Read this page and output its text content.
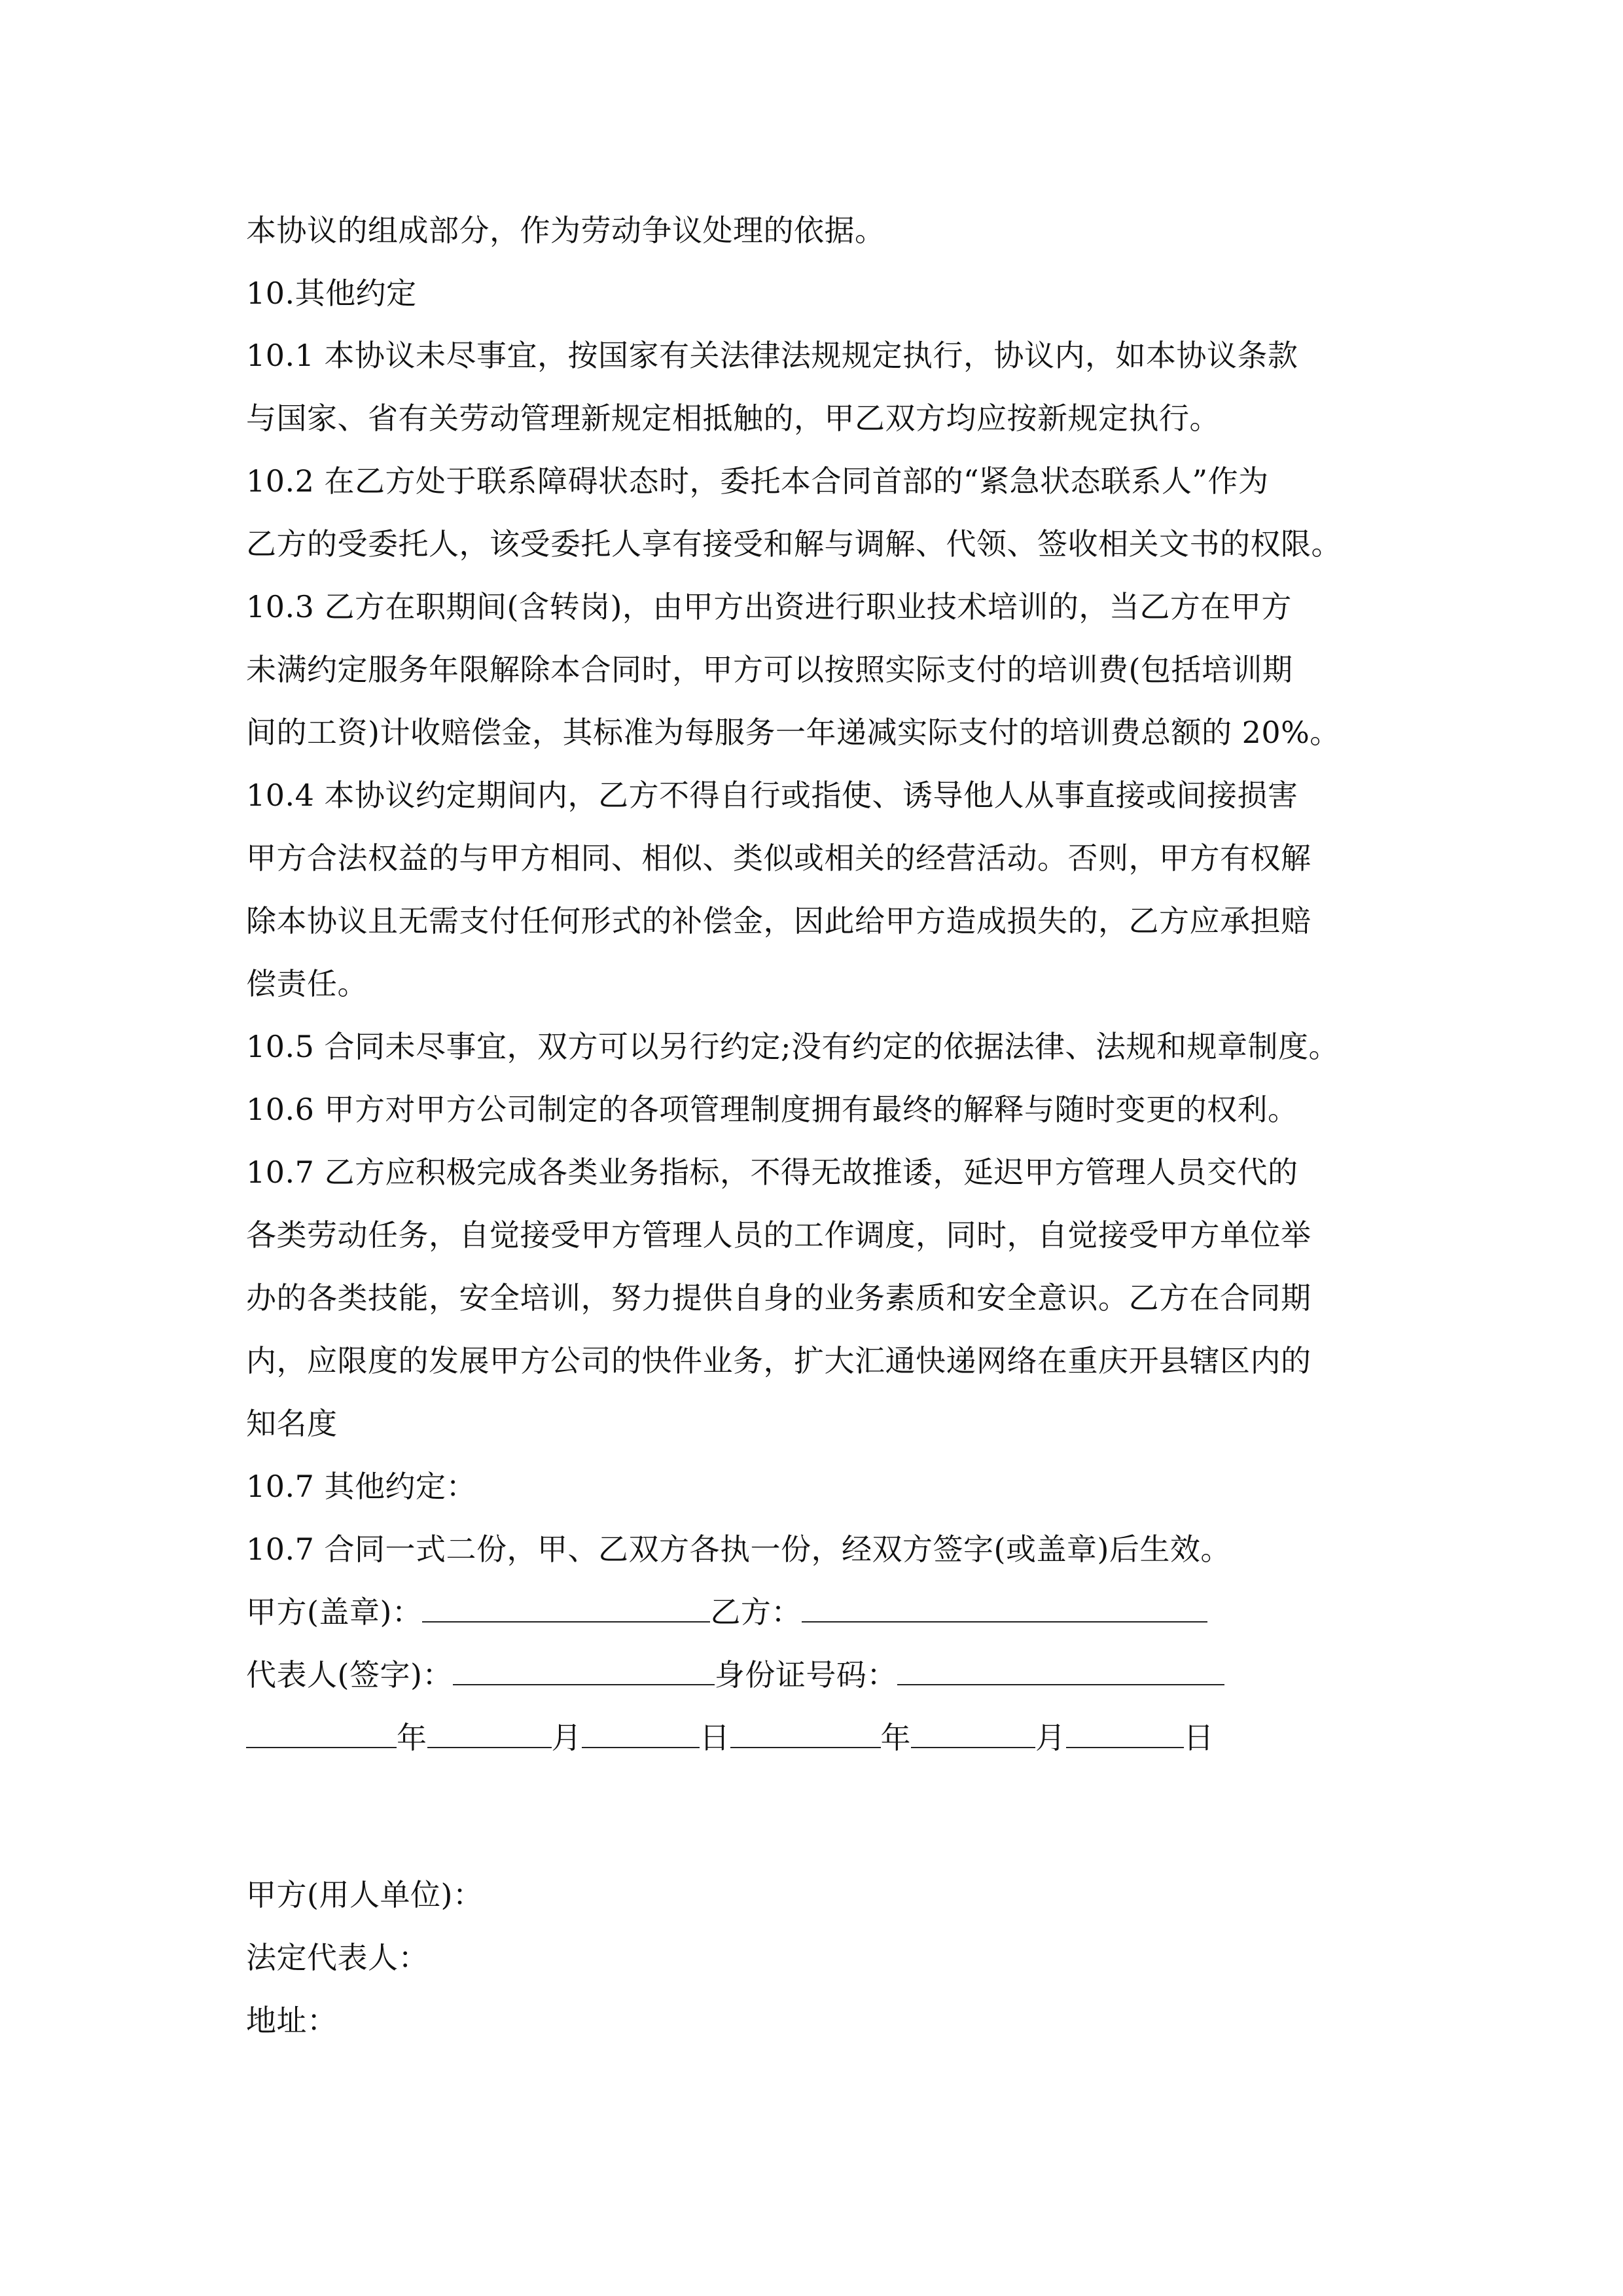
本协议的组成部分，作为劳动争议处理的依据。
10.其他约定
10.1 本协议未尽事宜，按国家有关法律法规规定执行，协议内，如本协议条款
与国家、省有关劳动管理新规定相抵触的，甲乙双方均应按新规定执行。
10.2 在乙方处于联系障碍状态时，委托本合同首部的“紧急状态联系人”作为
乙方的受委托人，该受委托人享有接受和解与调解、代领、签收相关文书的权限。
10.3 乙方在职期间(含转岗)，由甲方出资进行职业技术培训的，当乙方在甲方
未满约定服务年限解除本合同时，甲方可以按照实际支付的培训费(包括培训期
间的工资)计收赔偿金，其标准为每服务一年递减实际支付的培训费总额的 20%。
10.4 本协议约定期间内，乙方不得自行或指使、诱导他人从事直接或间接损害
甲方合法权益的与甲方相同、相似、类似或相关的经营活动。否则，甲方有权解
除本协议且无需支付任何形式的补偿金，因此给甲方造成损失的，乙方应承担赔
偿责任。
10.5 合同未尽事宜，双方可以另行约定;没有约定的依据法律、法规和规章制度。
10.6 甲方对甲方公司制定的各项管理制度拥有最终的解释与随时变更的权利。
10.7 乙方应积极完成各类业务指标，不得无故推诿，延迟甲方管理人员交代的
各类劳动任务，自觉接受甲方管理人员的工作调度，同时，自觉接受甲方单位举
办的各类技能，安全培训，努力提供自身的业务素质和安全意识。乙方在合同期
内，应限度的发展甲方公司的快件业务，扩大汇通快递网络在重庆开县辖区内的
知名度
10.7 其他约定：
10.7 合同一式二份，甲、乙双方各执一份，经双方签字(或盖章)后生效。
甲方(盖章)：	乙方：
代表人(签字)：	身份证号码：
年	月	日	年	月	日
甲方(用人单位)：
法定代表人：
地址：
